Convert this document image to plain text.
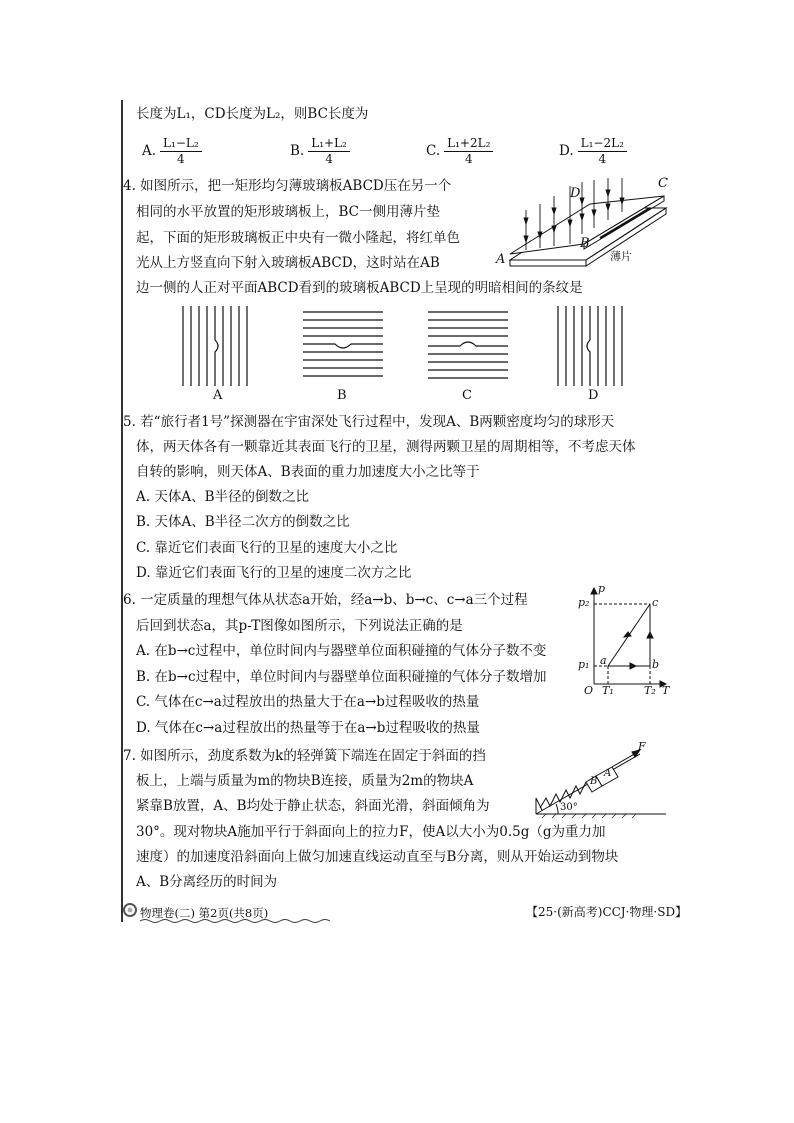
长度为L₁，CD长度为L₂，则BC长度为
A. $\frac{\text{L₁−L₂}}{4}$	B. $\frac{\text{L₁+L₂}}{4}$	C. $\frac{\text{L₁+2L₂}}{4}$	D. $\frac{\text{L₁−2L₂}}{4}$
4. 如图所示，把一矩形均匀薄玻璃板ABCD压在另一个
相同的水平放置的矩形玻璃板上，BC一侧用薄片垫
起，下面的矩形玻璃板正中央有一微小隆起，将红单色
光从上方竖直向下射入玻璃板ABCD，这时站在AB
边一侧的人正对平面ABCD看到的玻璃板ABCD上呈现的明暗相间的条纹是
A
B
C
D
薄片
A	B	C	D
5. 若“旅行者1号”探测器在宇宙深处飞行过程中，发现A、B两颗密度均匀的球形天
体，两天体各有一颗靠近其表面飞行的卫星，测得两颗卫星的周期相等，不考虑天体
自转的影响，则天体A、B表面的重力加速度大小之比等于
A. 天体A、B半径的倒数之比
B. 天体A、B半径二次方的倒数之比
C. 靠近它们表面飞行的卫星的速度大小之比
D. 靠近它们表面飞行的卫星的速度二次方之比
6. 一定质量的理想气体从状态a开始，经a→b、b→c、c→a三个过程
后回到状态a，其p-T图像如图所示，下列说法正确的是
A. 在b→c过程中，单位时间内与器壁单位面积碰撞的气体分子数不变
B. 在b→c过程中，单位时间内与器壁单位面积碰撞的气体分子数增加
C. 气体在c→a过程放出的热量大于在a→b过程吸收的热量
D. 气体在c→a过程放出的热量等于在a→b过程吸收的热量
p
p₂
p₁
O T₁	T₂ T
a	b
c
7. 如图所示，劲度系数为k的轻弹簧下端连在固定于斜面的挡
板上，上端与质量为m的物块B连接，质量为2m的物块A
紧靠B放置，A、B均处于静止状态，斜面光滑，斜面倾角为
30°。现对物块A施加平行于斜面向上的拉力F，使A以大小为0.5g（g为重力加
速度）的加速度沿斜面向上做匀加速直线运动直至与B分离，则从开始运动到物块
A、B分离经历的时间为
F
B
A
30°
物理卷(二) 第2页(共8页)	【25·(新高考)CCJ·物理·SD】
